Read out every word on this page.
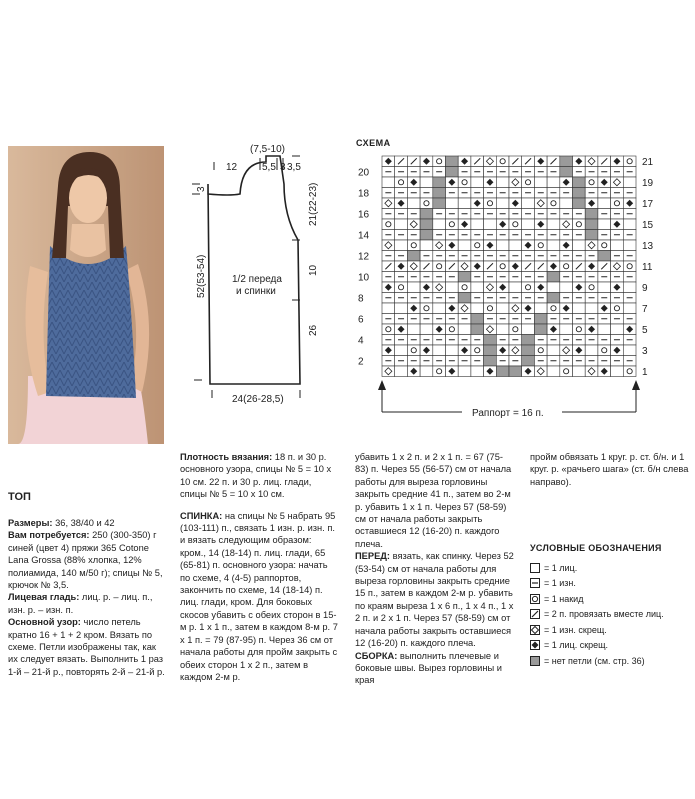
12
(7,5-10)
5,5 3 3,5
3
52(53-54)
21(22-23)
10
26
1/2 переда
и спинки
24(26-28,5)
СХЕМА
20
18
16
14
12
10
8
6
4
2
21
19
17
15
13
11
9
7
5
3
1
Раппорт = 16 п.
ТОП

Размеры: 36, 38/40 и 42

Вам потребуется: 250 (300-350) г синей (цвет 4) пряжи 365 Cotone Lana Grossa (88% хлопка, 12% полиамида, 140 м/50 г); спицы № 5, крючок № 3,5.

Лицевая гладь: лиц. р. – лиц. п., изн. р. – изн. п.

Основной узор: число петель кратно 16 + 1 + 2 кром. Вязать по схеме. Петли изображены так, как их следует вязать. Выполнить 1 раз 1-й – 21-й р., повторять 2-й – 21-й р.

Плотность вязания: 18 п. и 30 р. основного узора, спицы № 5 = 10 х 10 см. 22 п. и 30 р. лиц. глади, спицы № 5 = 10 х 10 см.

СПИНКА: на спицы № 5 набрать 95 (103-111) п., связать 1 изн. р. изн. п. и вязать следующим образом: кром., 14 (18-14) п. лиц. глади, 65 (65-81) п. основного узора: начать по схеме, 4 (4-5) раппортов, закончить по схеме, 14 (18-14) п. лиц. глади, кром. Для боковых скосов убавить с обеих сторон в 15-м р. 1 х 1 п., затем в каждом 8-м р. 7 х 1 п. = 79 (87-95) п. Через 36 см от начала работы для пройм закрыть с обеих сторон 1 х 2 п., затем в каждом 2-м р.

убавить 1 х 2 п. и 2 х 1 п. = 67 (75-83) п. Через 55 (56-57) см от начала работы для выреза горловины закрыть средние 41 п., затем во 2-м р. убавить 1 х 1 п. Через 57 (58-59) см от начала работы закрыть оставшиеся 12 (16-20) п. каждого плеча.

ПЕРЕД: вязать, как спинку. Через 52 (53-54) см от начала работы для выреза горловины закрыть средние 15 п., затем в каждом 2-м р. убавить по краям выреза 1 х 6 п., 1 х 4 п., 1 х 2 п. и 2 х 1 п. Через 57 (58-59) см от начала работы закрыть оставшиеся 12 (16-20) п. каждого плеча.

СБОРКА: выполнить плечевые и боковые швы. Вырез горловины и края

пройм обвязать 1 круг. р. ст. б/н. и 1 круг. р. «рачьего шага» (ст. б/н слева направо).

УСЛОВНЫЕ ОБОЗНАЧЕНИЯ
= 1 лиц.
= 1 изн.
= 1 накид
= 2 п. провязать вместе лиц.
= 1 изн. скрещ.
= 1 лиц. скрещ.
= нет петли (см. стр. 36)
